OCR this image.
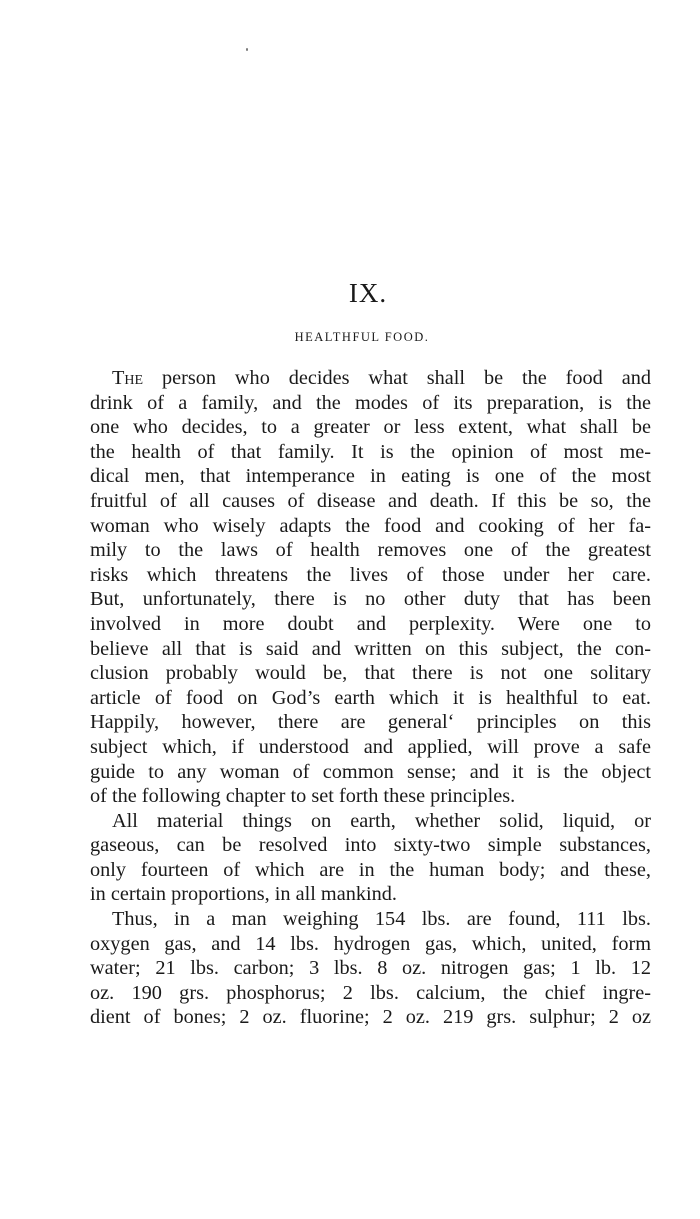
IX.
HEALTHFUL FOOD.

The person who decides what shall be the food and
drink of a family, and the modes of its preparation, is the
one who decides, to a greater or less extent, what shall be
the health of that family. It is the opinion of most me-
dical men, that intemperance in eating is one of the most
fruitful of all causes of disease and death. If this be so, the
woman who wisely adapts the food and cooking of her fa-
mily to the laws of health removes one of the greatest
risks which threatens the lives of those under her care.
But, unfortunately, there is no other duty that has been
involved in more doubt and perplexity. Were one to
believe all that is said and written on this subject, the con-
clusion probably would be, that there is not one solitary
article of food on God’s earth which it is healthful to eat.
Happily, however, there are general‘ principles on this
subject which, if understood and applied, will prove a safe
guide to any woman of common sense; and it is the object
of the following chapter to set forth these principles.

All material things on earth, whether solid, liquid, or
gaseous, can be resolved into sixty-two simple substances,
only fourteen of which are in the human body; and these,
in certain proportions, in all mankind.

Thus, in a man weighing 154 lbs. are found, 111 lbs.
oxygen gas, and 14 lbs. hydrogen gas, which, united, form
water; 21 lbs. carbon; 3 lbs. 8 oz. nitrogen gas; 1 lb. 12
oz. 190 grs. phosphorus; 2 lbs. calcium, the chief ingre-
dient of bones; 2 oz. fluorine; 2 oz. 219 grs. sulphur; 2 oz
